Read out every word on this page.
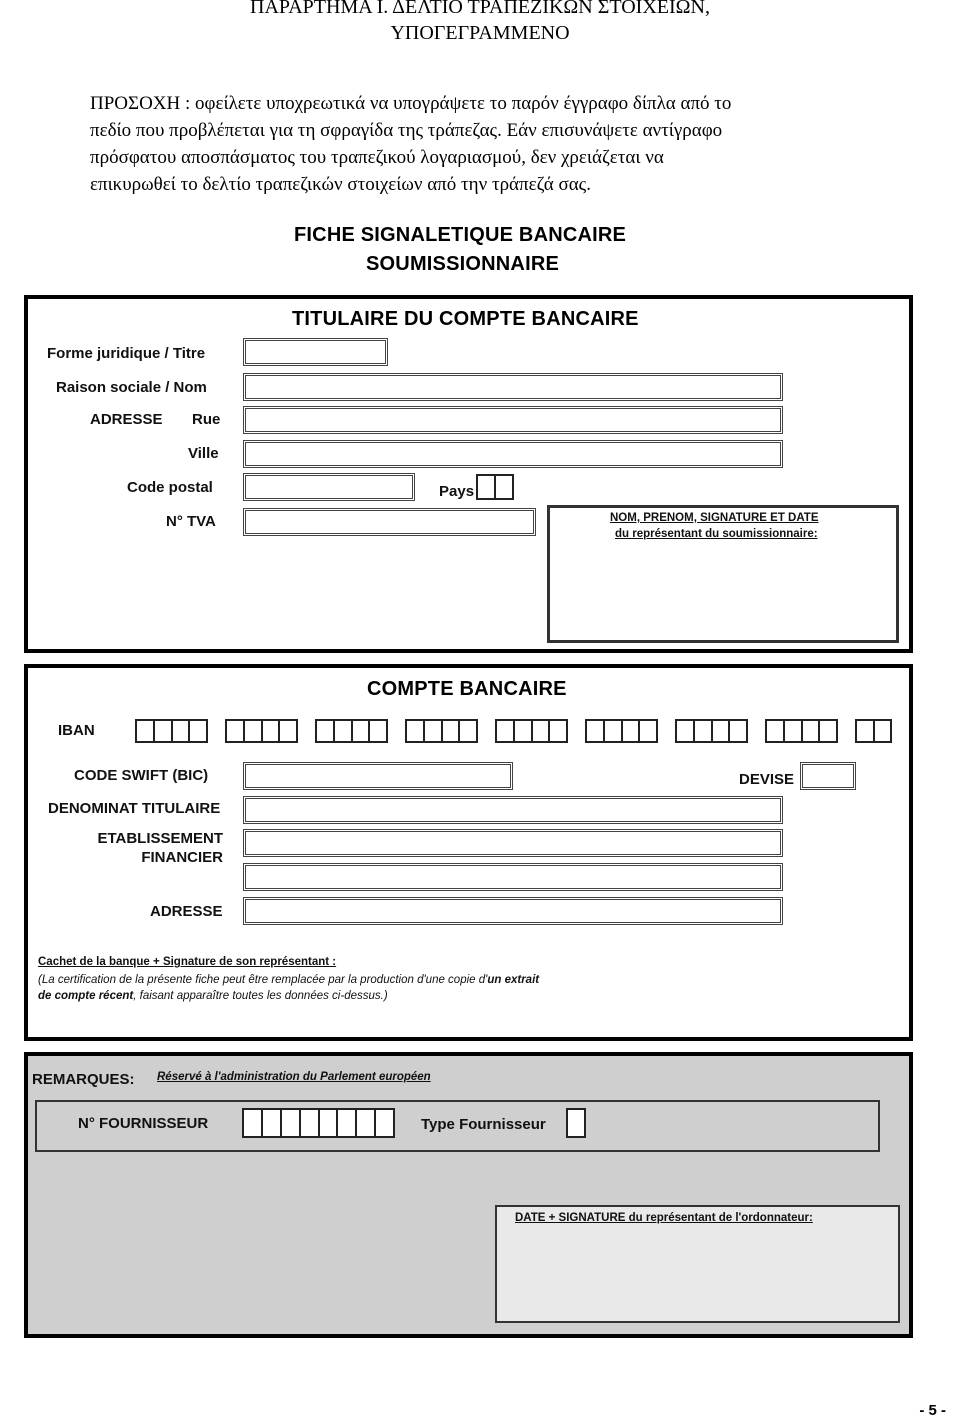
ΠΑΡΑΡΤΗΜΑ Ι. ΔΕΛΤΙΟ ΤΡΑΠΕΖΙΚΩΝ ΣΤΟΙΧΕΙΩΝ,
ΥΠΟΓΕΓΡΑΜΜΕΝΟ
ΠΡΟΣΟΧΗ : οφείλετε υποχρεωτικά να υπογράψετε το παρόν έγγραφο δίπλα από το
πεδίο που προβλέπεται για τη σφραγίδα της τράπεζας. Εάν επισυνάψετε αντίγραφο
πρόσφατου αποσπάσματος του τραπεζικού λογαριασμού, δεν χρειάζεται να
επικυρωθεί το δελτίο τραπεζικών στοιχείων από την τράπεζά σας.
FICHE SIGNALETIQUE BANCAIRE
SOUMISSIONNAIRE
TITULAIRE DU COMPTE BANCAIRE
Forme juridique / Titre
Raison sociale / Nom
ADRESSE Rue
Ville
Code postal	Pays
N° TVA	NOM, PRENOM, SIGNATURE ET DATE
du représentant du soumissionnaire:
COMPTE BANCAIRE
IBAN
CODE SWIFT (BIC)	DEVISE
DENOMINAT TITULAIRE
ETABLISSEMENT
FINANCIER
ADRESSE
Cachet de la banque + Signature de son représentant :
(La certification de la présente fiche peut être remplacée par la production d'une copie d'un extrait
de compte récent, faisant apparaître toutes les données ci-dessus.)
REMARQUES: Réservé à l'administration du Parlement européen
N° FOURNISSEUR	Type Fournisseur
DATE + SIGNATURE du représentant de l'ordonnateur:
- 5 -
